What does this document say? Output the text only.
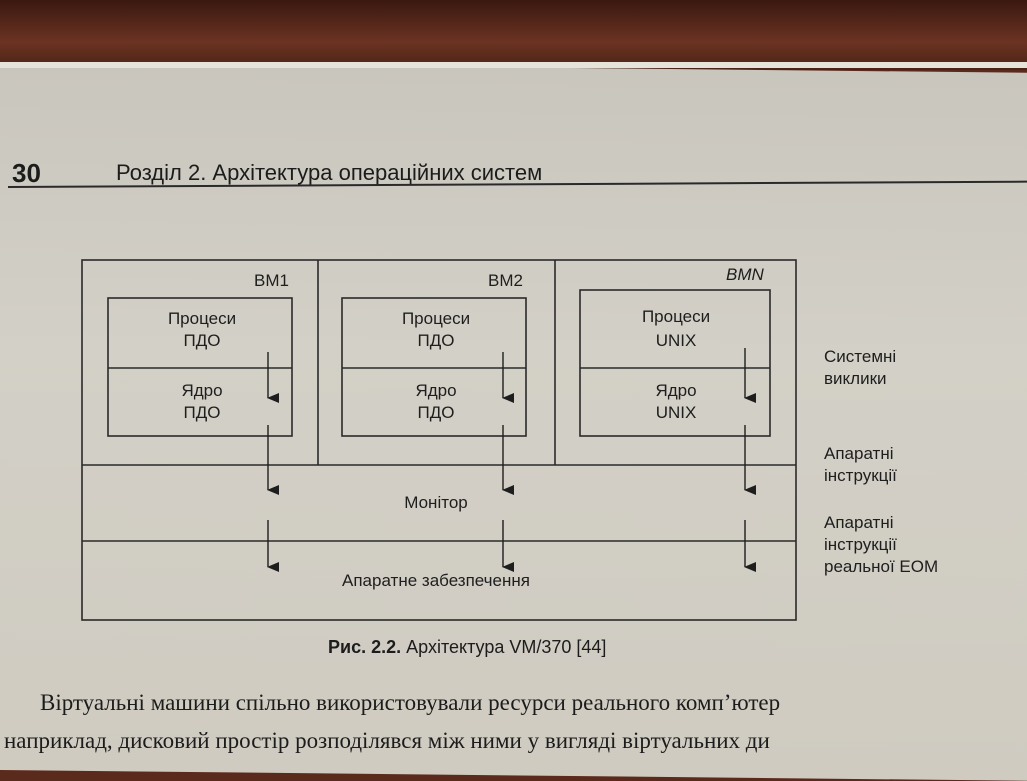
30	Розділ 2. Архітектура операційних систем
ВМ1	ВМ2	ВМN
Процеси
ПДО
Ядро
ПДО
Процеси
ПДО
Ядро
ПДО
Процеси
UNIX
Ядро
UNIX
Монітор
Апаратне забезпечення
Системні
виклики
Апаратні
інструкції
Апаратні
інструкції
реальної ЕОМ
Рис. 2.2. Архітектура VM/370 [44]
Віртуальні машини спільно використовували ресурси реального комп’ютер
наприклад, дисковий простір розподілявся між ними у вигляді віртуальних ди
